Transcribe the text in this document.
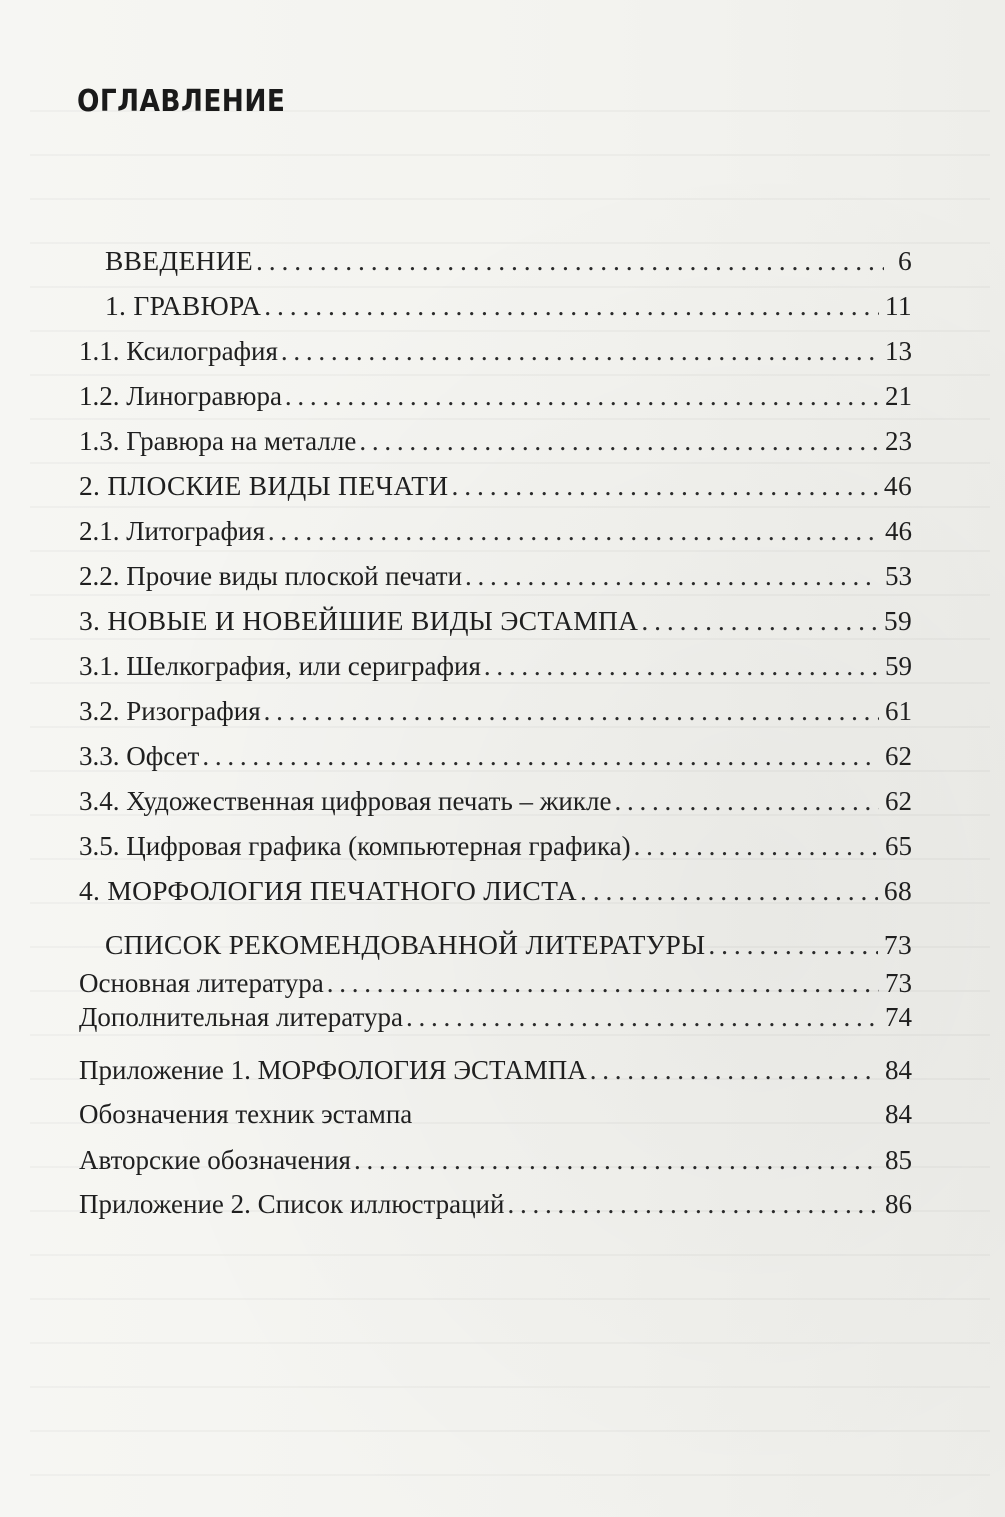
ОГЛАВЛЕНИЕ
ВВЕДЕНИЕ . . .	6
1. ГРАВЮРА . . .	11
1.1. Ксилография . . .	13
1.2. Линогравюра . . .	21
1.3. Гравюра на металле . . .	23
2. ПЛОСКИЕ ВИДЫ ПЕЧАТИ . . .	46
2.1. Литография . . .	46
2.2. Прочие виды плоской печати . . .	53
3. НОВЫЕ И НОВЕЙШИЕ ВИДЫ ЭСТАМПА . . .	59
3.1. Шелкография, или сериграфия . . .	59
3.2. Ризография . . .	61
3.3. Офсет . . .	62
3.4. Художественная цифровая печать – жикле . . .	62
3.5. Цифровая графика (компьютерная графика) . . .	65
4. МОРФОЛОГИЯ ПЕЧАТНОГО ЛИСТА . . .	68
СПИСОК РЕКОМЕНДОВАННОЙ ЛИТЕРАТУРЫ . . .	73
Основная литература . . .	73
Дополнительная литература . . .	74
Приложение 1. МОРФОЛОГИЯ ЭСТАМПА . . .	84
Обозначения техник эстампа	84
Авторские обозначения . . .	85
Приложение 2. Список иллюстраций . . .	86
